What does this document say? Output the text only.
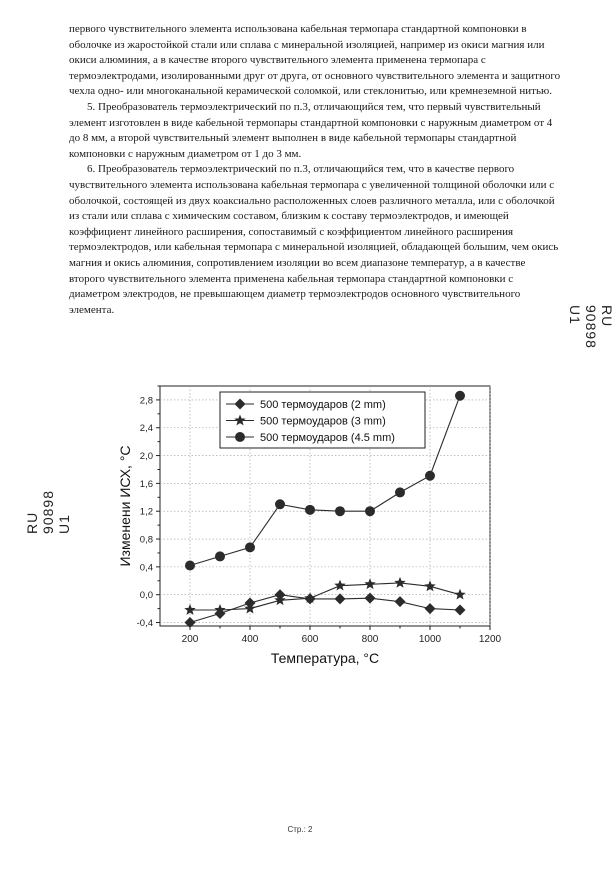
первого чувствительного элемента использована кабельная термопара стандартной компоновки в оболочке из жаростойкой стали или сплава с минеральной изоляцией, например из окиси магния или окиси алюминия, а в качестве второго чувствительного элемента применена термопара с термоэлектродами, изолированными друг от друга, от основного чувствительного элемента и защитного чехла одно- или многоканальной керамической соломкой, или стеклонитью, или кремнеземной нитью.

5. Преобразователь термоэлектрический по п.3, отличающийся тем, что первый чувствительный элемент изготовлен в виде кабельной термопары стандартной компоновки с наружным диаметром от 4 до 8 мм, а второй чувствительный элемент выполнен в виде кабельной термопары стандартной компоновки с наружным диаметром от 1 до 3 мм.

6. Преобразователь термоэлектрический по п.3, отличающийся тем, что в качестве первого чувствительного элемента использована кабельная термопара с увеличенной толщиной оболочки или с оболочкой, состоящей из двух коаксиально расположенных слоев различного металла, или с оболочкой из стали или сплава с химическим составом, близким к составу термоэлектродов, и имеющей коэффициент линейного расширения, сопоставимый с коэффициентом линейного расширения термоэлектродов, или кабельная термопара с минеральной изоляцией, обладающей большим, чем окись магния и окись алюминия, сопротивлением изоляции во всем диапазоне температур, а в качестве второго чувствительного элемента применена кабельная термопара стандартной компоновки с диаметром электродов, не превышающем диаметр термоэлектродов основного чувствительного элемента.	RU
90898
U1
RU 90898 U1
200	400	600	800	1000	1200
-0,4
0,0
0,4
0,8
1,2
1,6
2,0
2,4
2,8
Температура, °C
Изменени ИСХ, °C
500 термоударов (2 mm)
500 термоударов (3 mm)
500 термоударов (4.5 mm)
Стр.: 2
